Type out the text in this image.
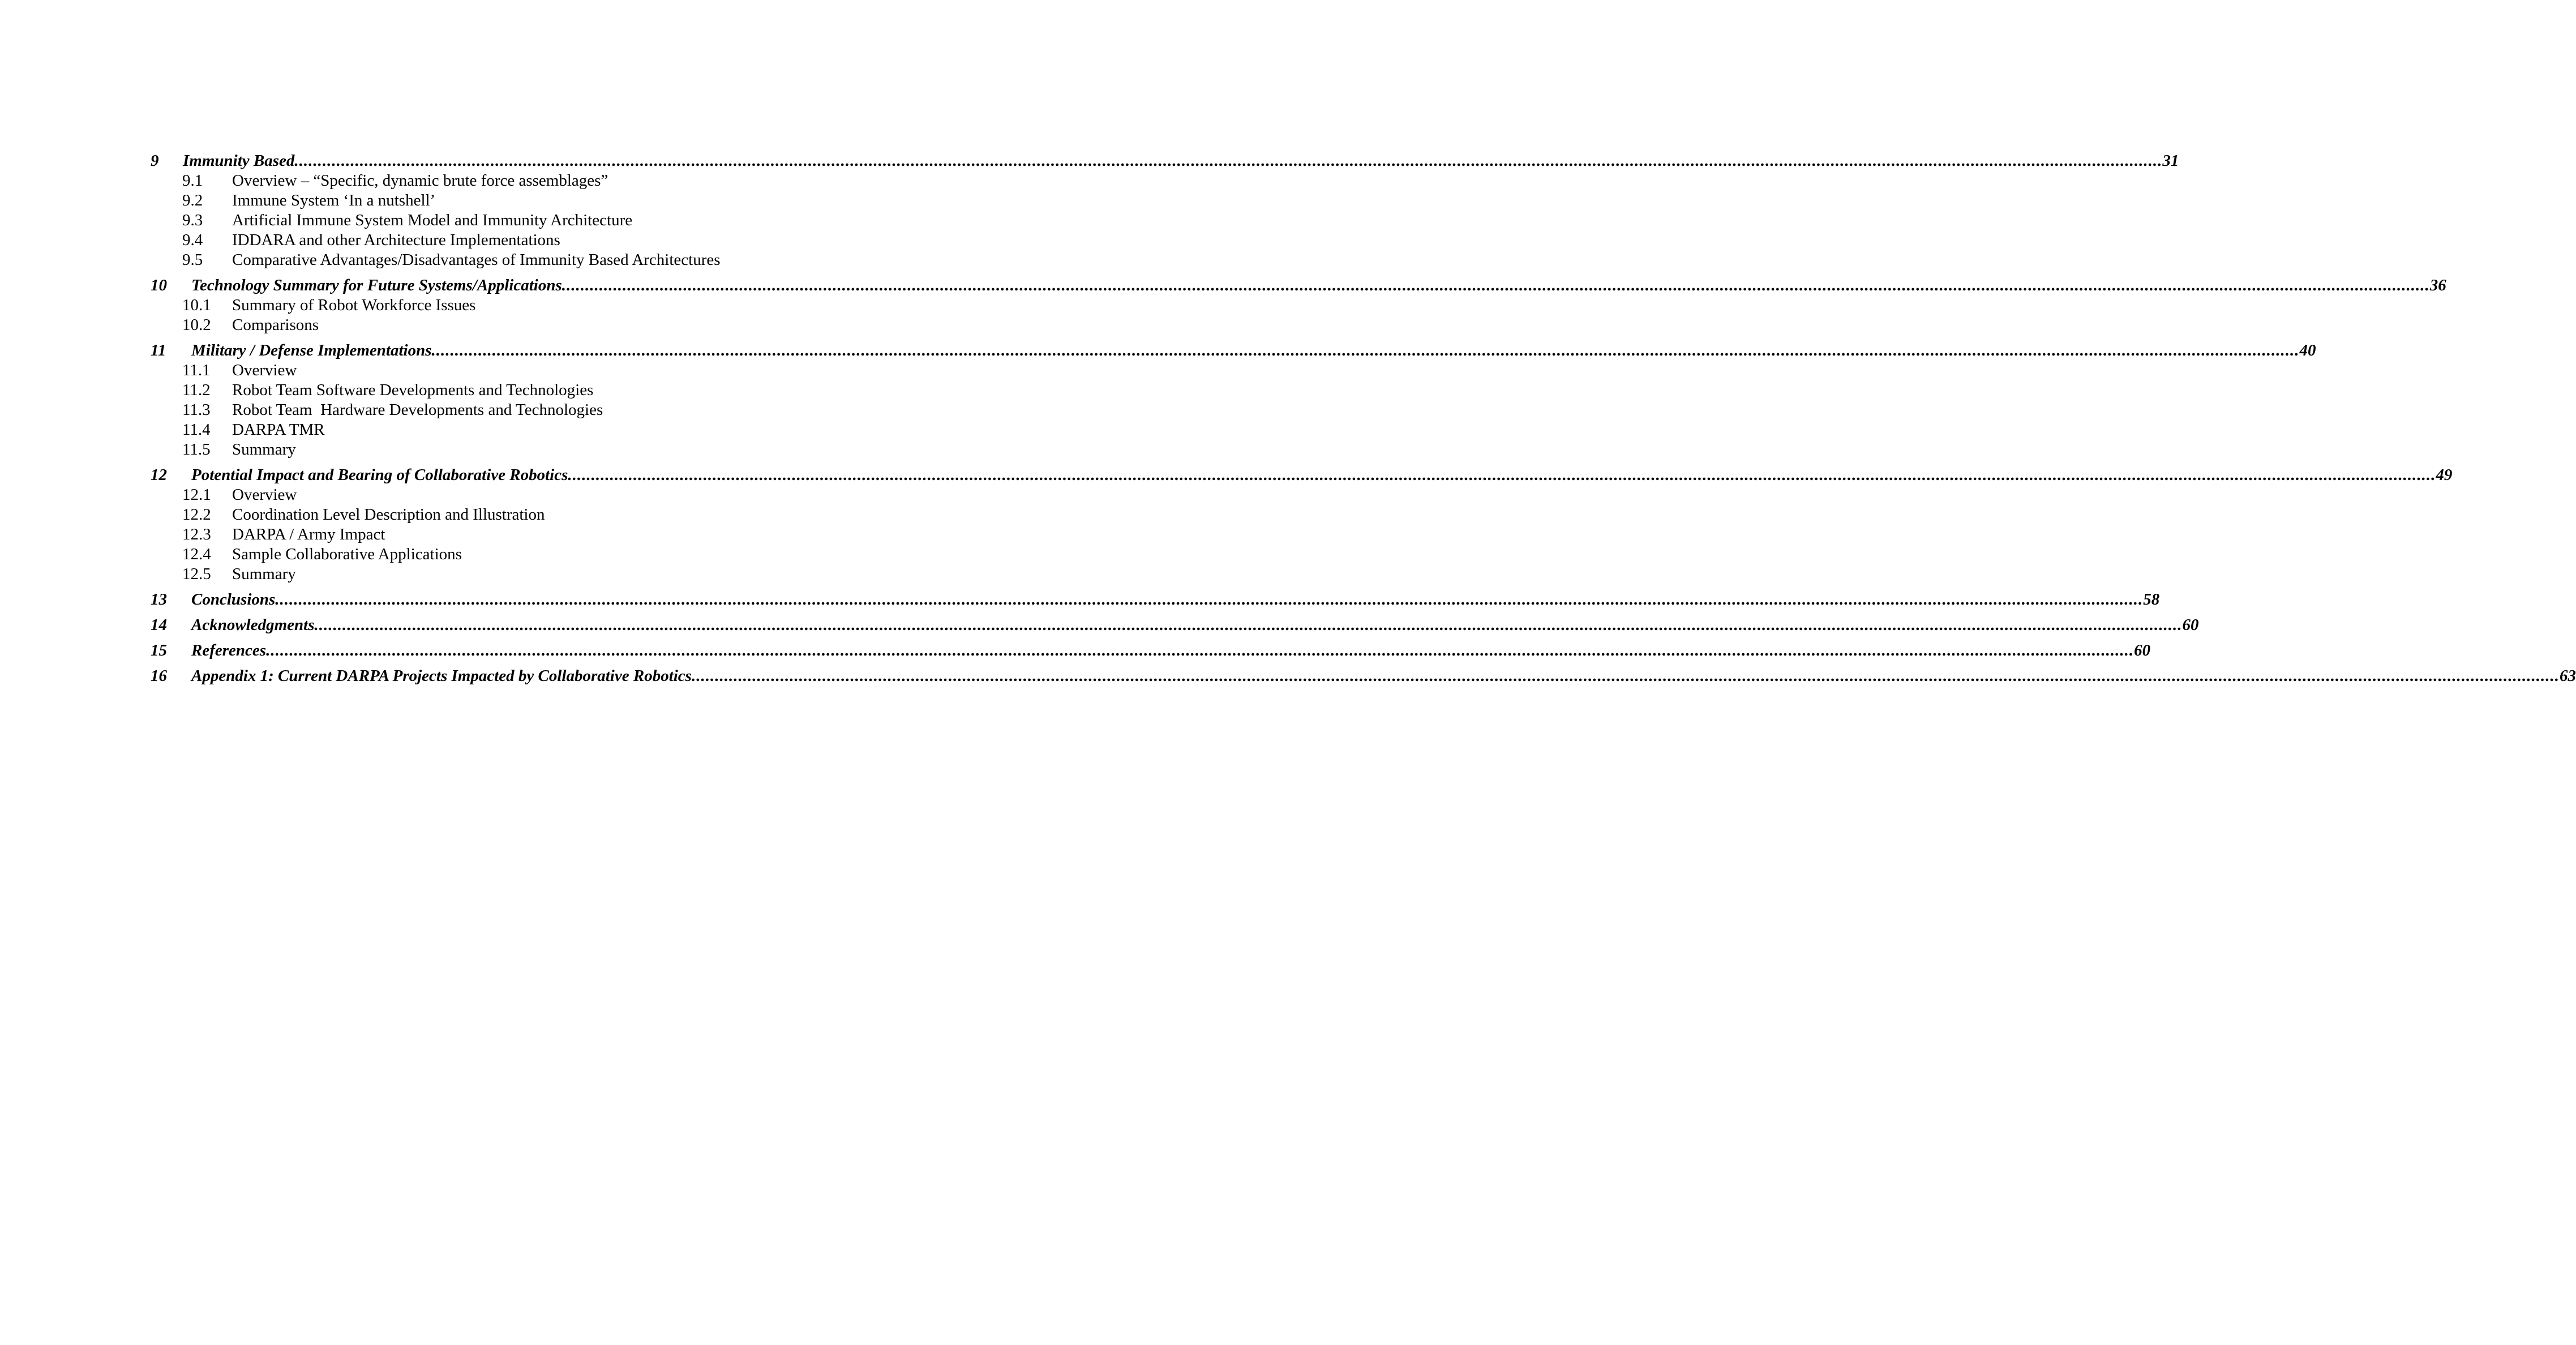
9	Immunity Based ................................................................................................................................................................................................................................................................................................................................................................................................................ 31
9.1	Overview – “Specific, dynamic brute force assemblages”
9.2	Immune System ‘In a nutshell’
9.3	Artificial Immune System Model and Immunity Architecture
9.4	IDDARA and other Architecture Implementations
9.5	Comparative Advantages/Disadvantages of Immunity Based Architectures
10	Technology Summary for Future Systems/Applications ................................................................................................................................................................................................................................................................................................................................................................................................................ 36
10.1	Summary of Robot Workforce Issues
10.2	Comparisons
11	Military / Defense Implementations ................................................................................................................................................................................................................................................................................................................................................................................................................ 40
11.1	Overview
11.2	Robot Team Software Developments and Technologies
11.3	Robot Team  Hardware Developments and Technologies
11.4	DARPA TMR
11.5	Summary
12	Potential Impact and Bearing of Collaborative Robotics ................................................................................................................................................................................................................................................................................................................................................................................................................ 49
12.1	Overview
12.2	Coordination Level Description and Illustration
12.3	DARPA / Army Impact
12.4	Sample Collaborative Applications
12.5	Summary
13	Conclusions ................................................................................................................................................................................................................................................................................................................................................................................................................ 58
14	Acknowledgments ................................................................................................................................................................................................................................................................................................................................................................................................................ 60
15	References ................................................................................................................................................................................................................................................................................................................................................................................................................ 60
16	Appendix 1: Current DARPA Projects Impacted by Collaborative Robotics ................................................................................................................................................................................................................................................................................................................................................................................................................ 63
